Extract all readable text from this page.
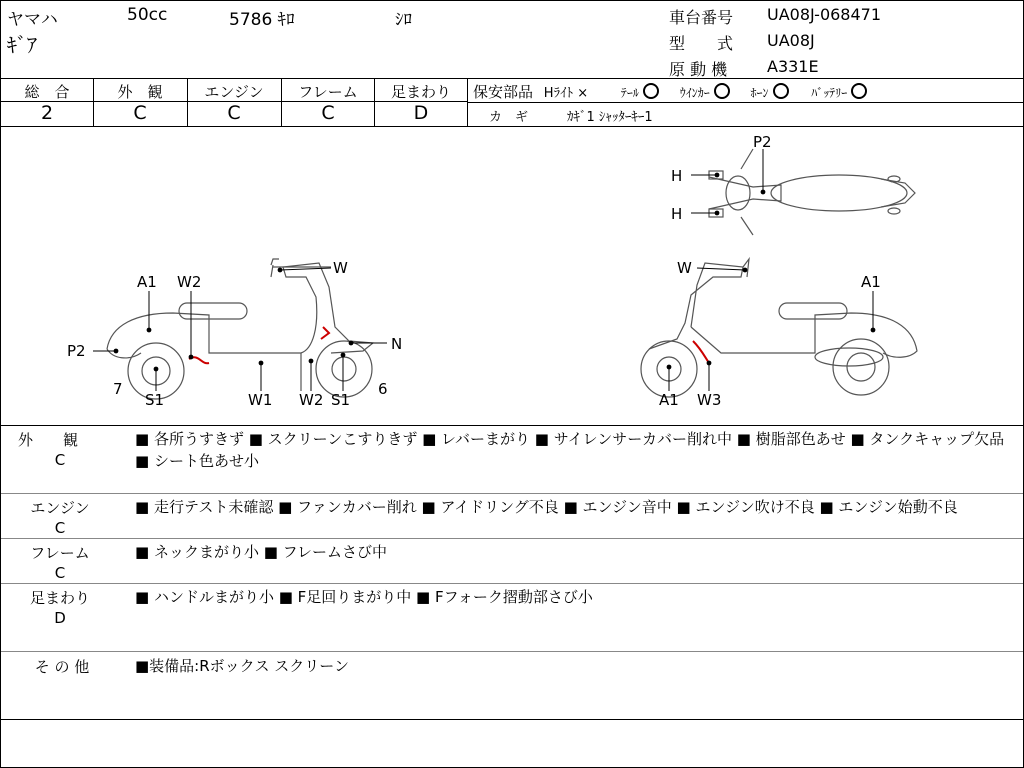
ヤマハ	50cc	5786 ｷﾛ	ｼﾛ
ｷﾞｱ
車台番号 UA08J-068471
型　　式 UA08J
原 動 機 A331E
総　合	外　観	エンジン	フレーム	足まわり
2	C	C	C	D
保安部品 Hﾗｲﾄ ×	ﾃｰﾙ	ｳｲﾝｶｰ	ﾎｰﾝ	ﾊﾞｯﾃﾘｰ
カ　ギ	ｶｷﾞ1 ｼｬｯﾀｰｷｰ1
P2
H
H
A1 W2
W
N
P2
7
S1	W1 W2 S1
6
W
A1
A1 W3
外　　観
C
■ 各所うすきず ■ スクリーンこすりきず ■ レバーまがり ■ サイレンサーカバー削れ中 ■ 樹脂部色あせ ■ タンクキャップ欠品 ■ シート色あせ小
エンジン
C
■ 走行テスト未確認 ■ ファンカバー削れ ■ アイドリング不良 ■ エンジン音中 ■ エンジン吹け不良 ■ エンジン始動不良
フレーム
C
■ ネックまがり小 ■ フレームさび中
足まわり
D
■ ハンドルまがり小 ■ F足回りまがり中 ■ Fフォーク摺動部さび小
そ の 他	■装備品:Rボックス スクリーン
